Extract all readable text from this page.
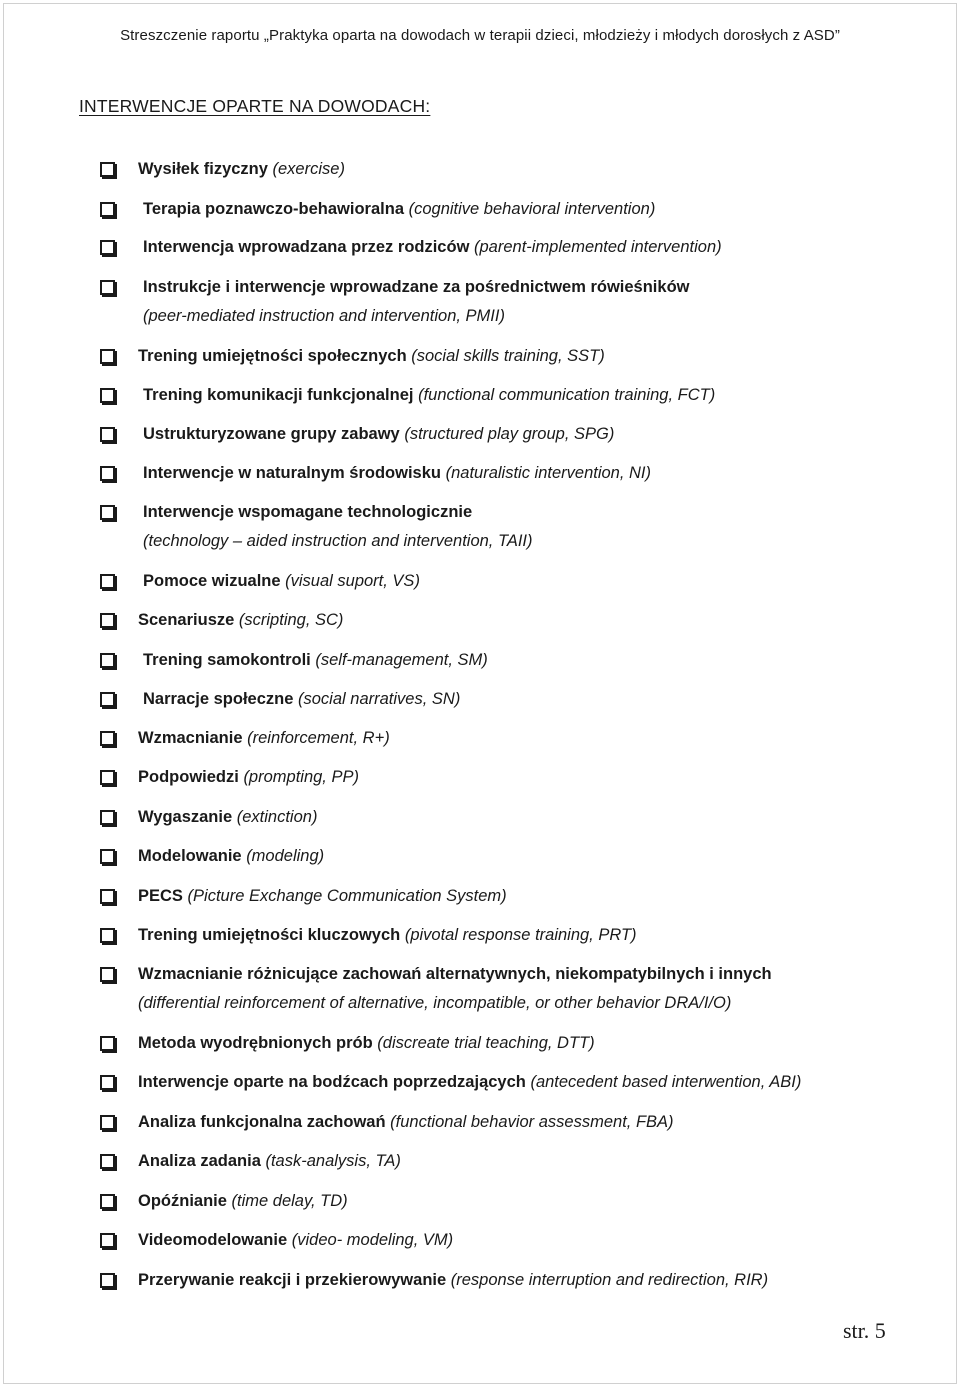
Streszczenie raportu „Praktyka oparta na dowodach w terapii dzieci, młodzieży i młodych dorosłych z ASD”
INTERWENCJE OPARTE NA DOWODACH:
Wysiłek fizyczny (exercise)
Terapia poznawczo-behawioralna (cognitive behavioral intervention)
Interwencja wprowadzana przez rodziców (parent-implemented intervention)
Instrukcje i interwencje wprowadzane za pośrednictwem rówieśników
(peer-mediated instruction and intervention, PMII)
Trening umiejętności społecznych (social skills training, SST)
Trening komunikacji funkcjonalnej (functional communication training, FCT)
Ustrukturyzowane grupy zabawy (structured play group, SPG)
Interwencje w naturalnym środowisku (naturalistic intervention, NI)
Interwencje wspomagane technologicznie
(technology – aided instruction and intervention, TAII)
Pomoce wizualne (visual suport, VS)
Scenariusze (scripting, SC)
Trening samokontroli (self-management, SM)
Narracje społeczne (social narratives, SN)
Wzmacnianie (reinforcement, R+)
Podpowiedzi (prompting, PP)
Wygaszanie (extinction)
Modelowanie (modeling)
PECS (Picture Exchange Communication System)
Trening umiejętności kluczowych (pivotal response training, PRT)
Wzmacnianie różnicujące zachowań alternatywnych, niekompatybilnych i innych
(differential reinforcement of alternative, incompatible, or other behavior DRA/I/O)
Metoda wyodrębnionych prób (discreate trial teaching, DTT)
Interwencje oparte na bodźcach poprzedzających (antecedent based interwention, ABI)
Analiza funkcjonalna zachowań (functional behavior assessment, FBA)
Analiza zadania (task-analysis, TA)
Opóźnianie (time delay, TD)
Videomodelowanie (video- modeling, VM)
Przerywanie reakcji i przekierowywanie (response interruption and redirection, RIR)
str. 5
